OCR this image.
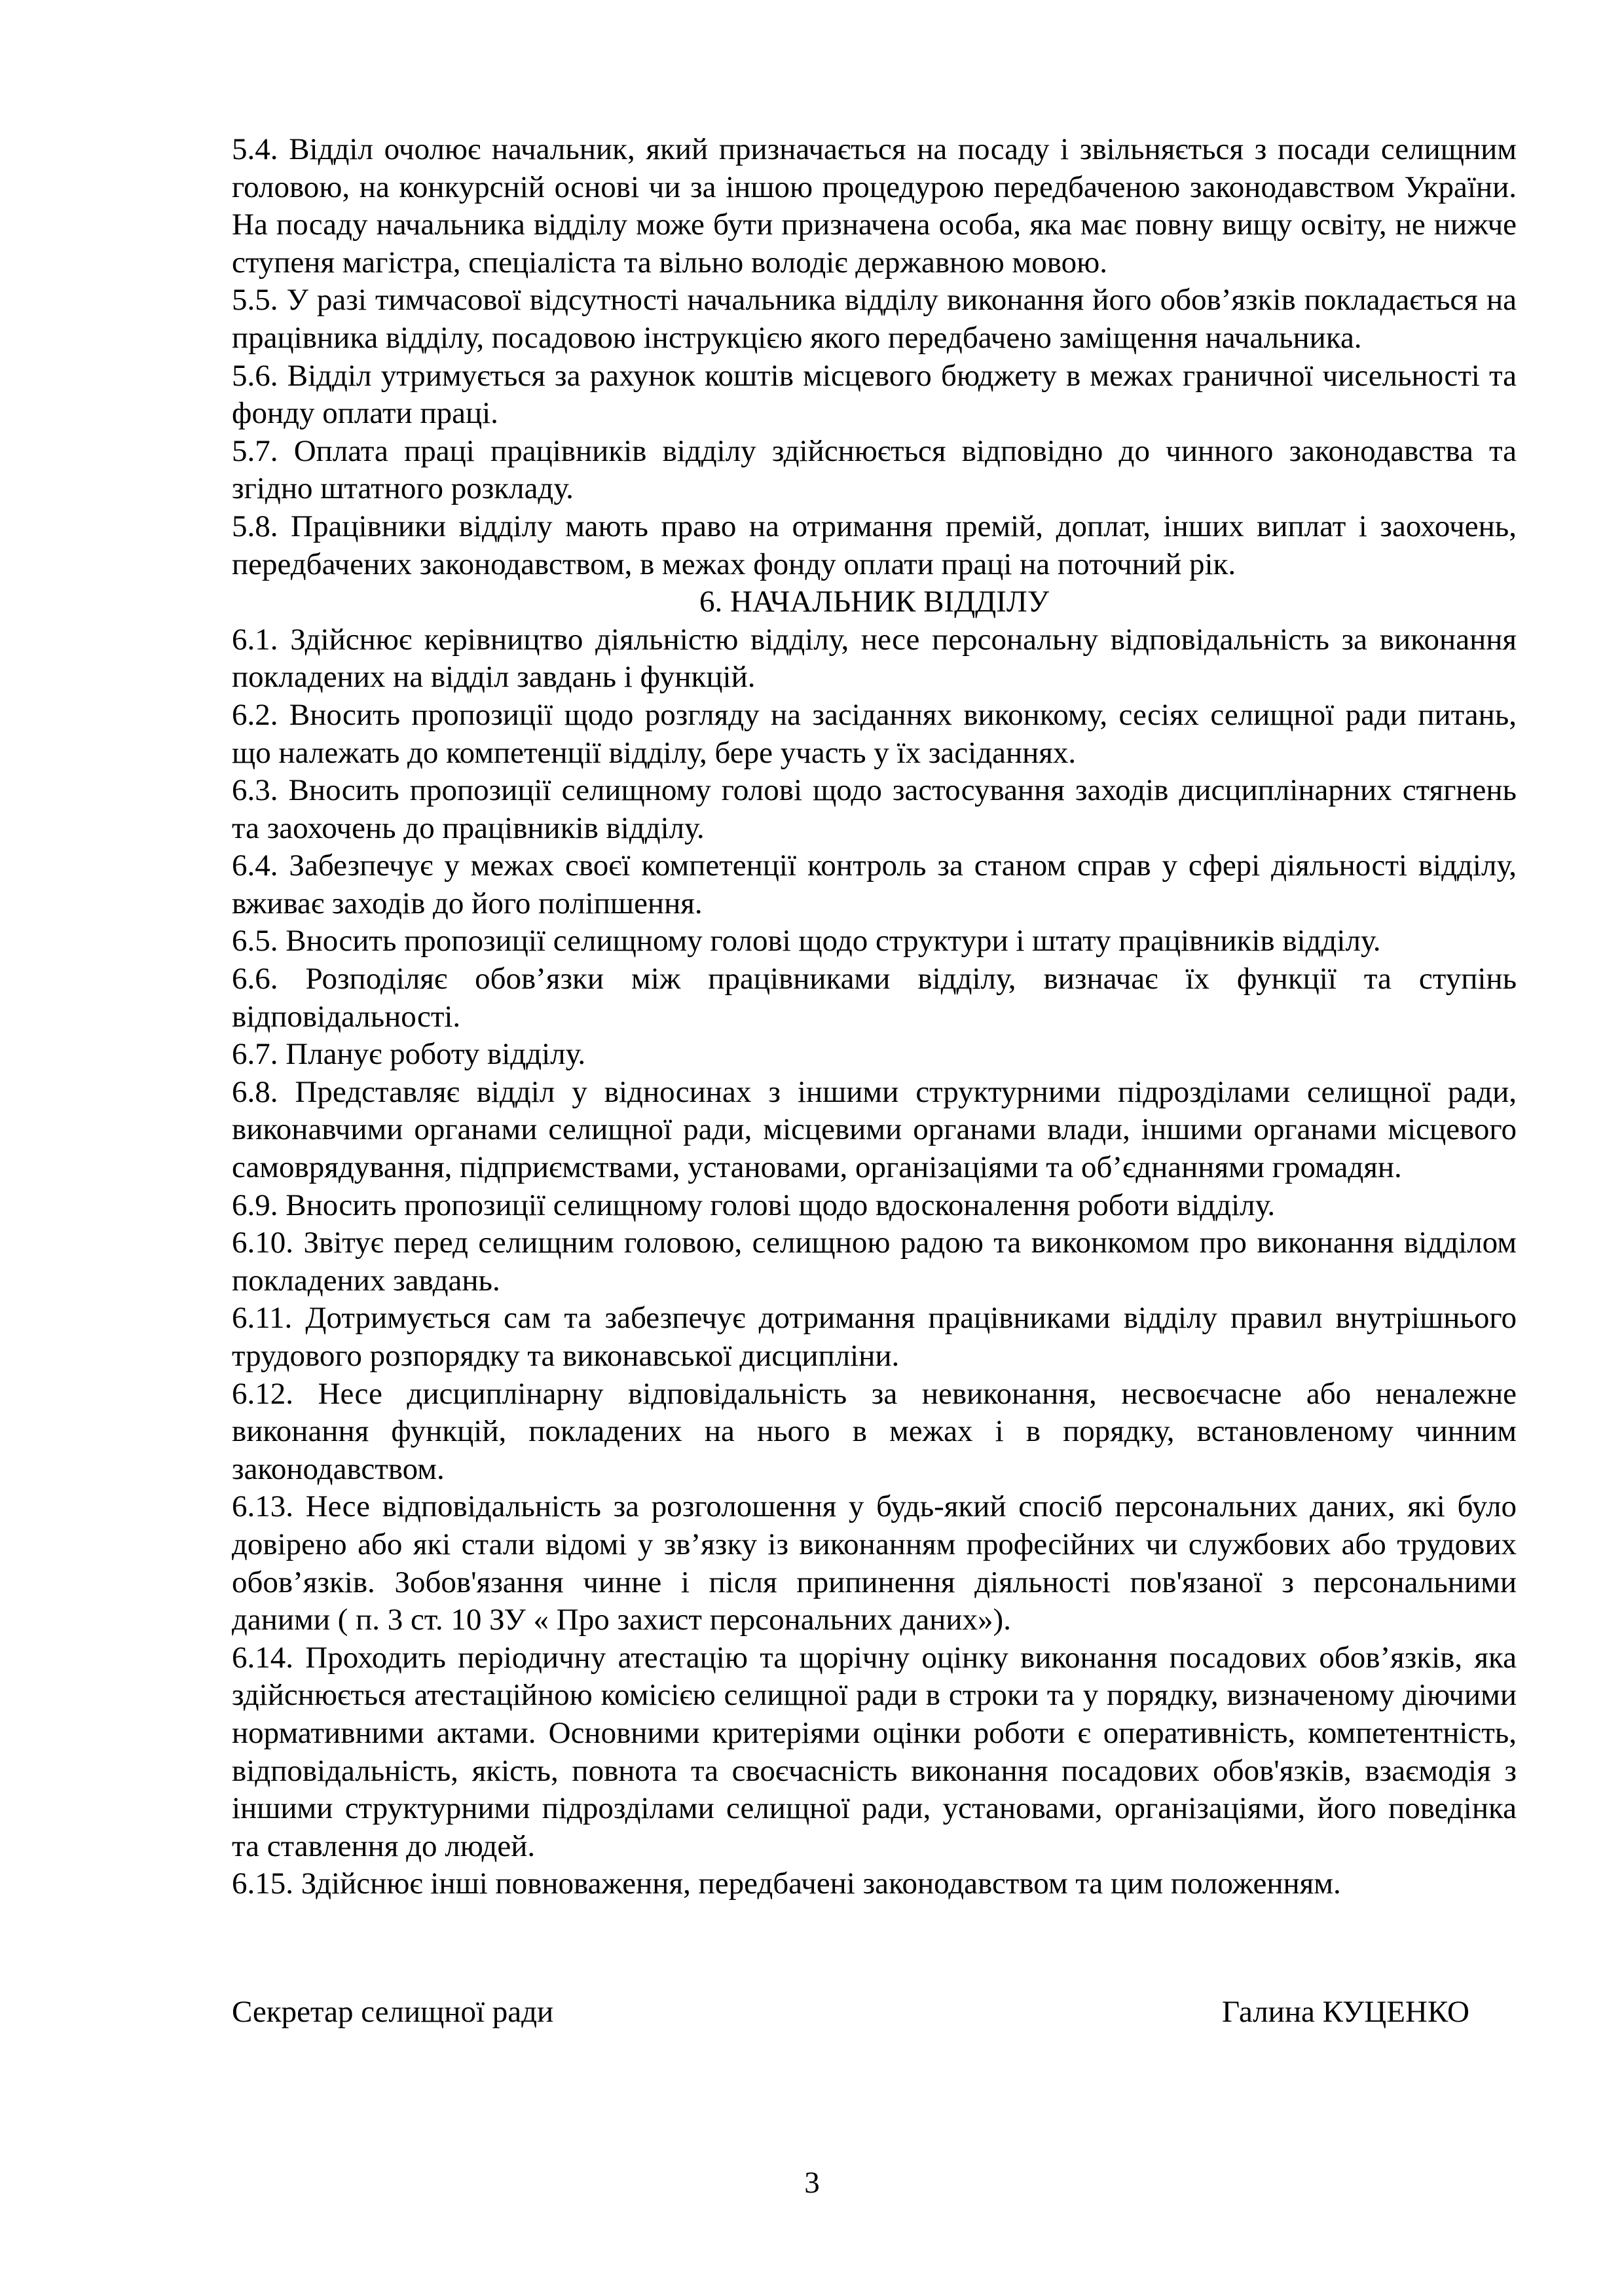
5.4. Відділ очолює начальник, який призначається на посаду і звільняється з посади селищним головою, на конкурсній основі чи за іншою процедурою передбаченою законодавством України. На посаду начальника відділу може бути призначена особа, яка має повну вищу освіту, не нижче ступеня магістра, спеціаліста та вільно володіє державною мовою.

5.5. У разі тимчасової відсутності начальника відділу виконання його обов’язків покладається на працівника відділу, посадовою інструкцією якого передбачено заміщення начальника.

5.6. Відділ утримується за рахунок коштів місцевого бюджету в межах граничної чисельності та фонду оплати праці.

5.7. Оплата праці працівників відділу здійснюється відповідно до чинного законодавства та згідно штатного розкладу.

5.8. Працівники відділу мають право на отримання премій, доплат, інших виплат і заохочень, передбачених законодавством, в межах фонду оплати праці на поточний рік.

6. НАЧАЛЬНИК ВІДДІЛУ

6.1. Здійснює керівництво діяльністю відділу, несе персональну відповідальність за виконання покладених на відділ завдань і функцій.

6.2. Вносить пропозиції щодо розгляду на засіданнях виконкому, сесіях селищної ради питань, що належать до компетенції відділу, бере участь у їх засіданнях.

6.3. Вносить пропозиції селищному голові щодо застосування заходів дисциплінарних стягнень та заохочень до працівників відділу.

6.4. Забезпечує у межах своєї компетенції контроль за станом справ у сфері діяльності відділу, вживає заходів до його поліпшення.

6.5. Вносить пропозиції селищному голові щодо структури і штату працівників відділу.

6.6. Розподіляє обов’язки між працівниками відділу, визначає їх функції та ступінь відповідальності.

6.7. Планує роботу відділу.

6.8. Представляє відділ у відносинах з іншими структурними підрозділами селищної ради, виконавчими органами селищної ради, місцевими органами влади, іншими органами місцевого самоврядування, підприємствами, установами, організаціями та об’єднаннями громадян.

6.9. Вносить пропозиції селищному голові щодо вдосконалення роботи відділу.

6.10. Звітує перед селищним головою, селищною радою та виконкомом про виконання відділом покладених завдань.

6.11. Дотримується сам та забезпечує дотримання працівниками відділу правил внутрішнього трудового розпорядку та виконавської дисципліни.

6.12. Несе дисциплінарну відповідальність за невиконання, несвоєчасне або неналежне виконання функцій, покладених на нього в межах і в порядку, встановленому чинним законодавством.

6.13. Несе відповідальність за розголошення у будь-який спосіб персональних даних, які було довірено або які стали відомі у зв’язку із виконанням професійних чи службових або трудових обов’язків. Зобов'язання чинне і після припинення діяльності пов'язаної з персональними даними ( п. 3 ст. 10 ЗУ « Про захист персональних даних»).

6.14. Проходить періодичну атестацію та щорічну оцінку виконання посадових обов’язків, яка здійснюється атестаційною комісією селищної ради в строки та у порядку, визначеному діючими нормативними актами. Основними критеріями оцінки роботи є оперативність, компетентність, відповідальність, якість, повнота та своєчасність виконання посадових обов'язків, взаємодія з іншими структурними підрозділами селищної ради, установами, організаціями, його поведінка та ставлення до людей.

6.15. Здійснює інші повноваження, передбачені законодавством та цим положенням.

Секретар селищної ради	Галина КУЦЕНКО
3
